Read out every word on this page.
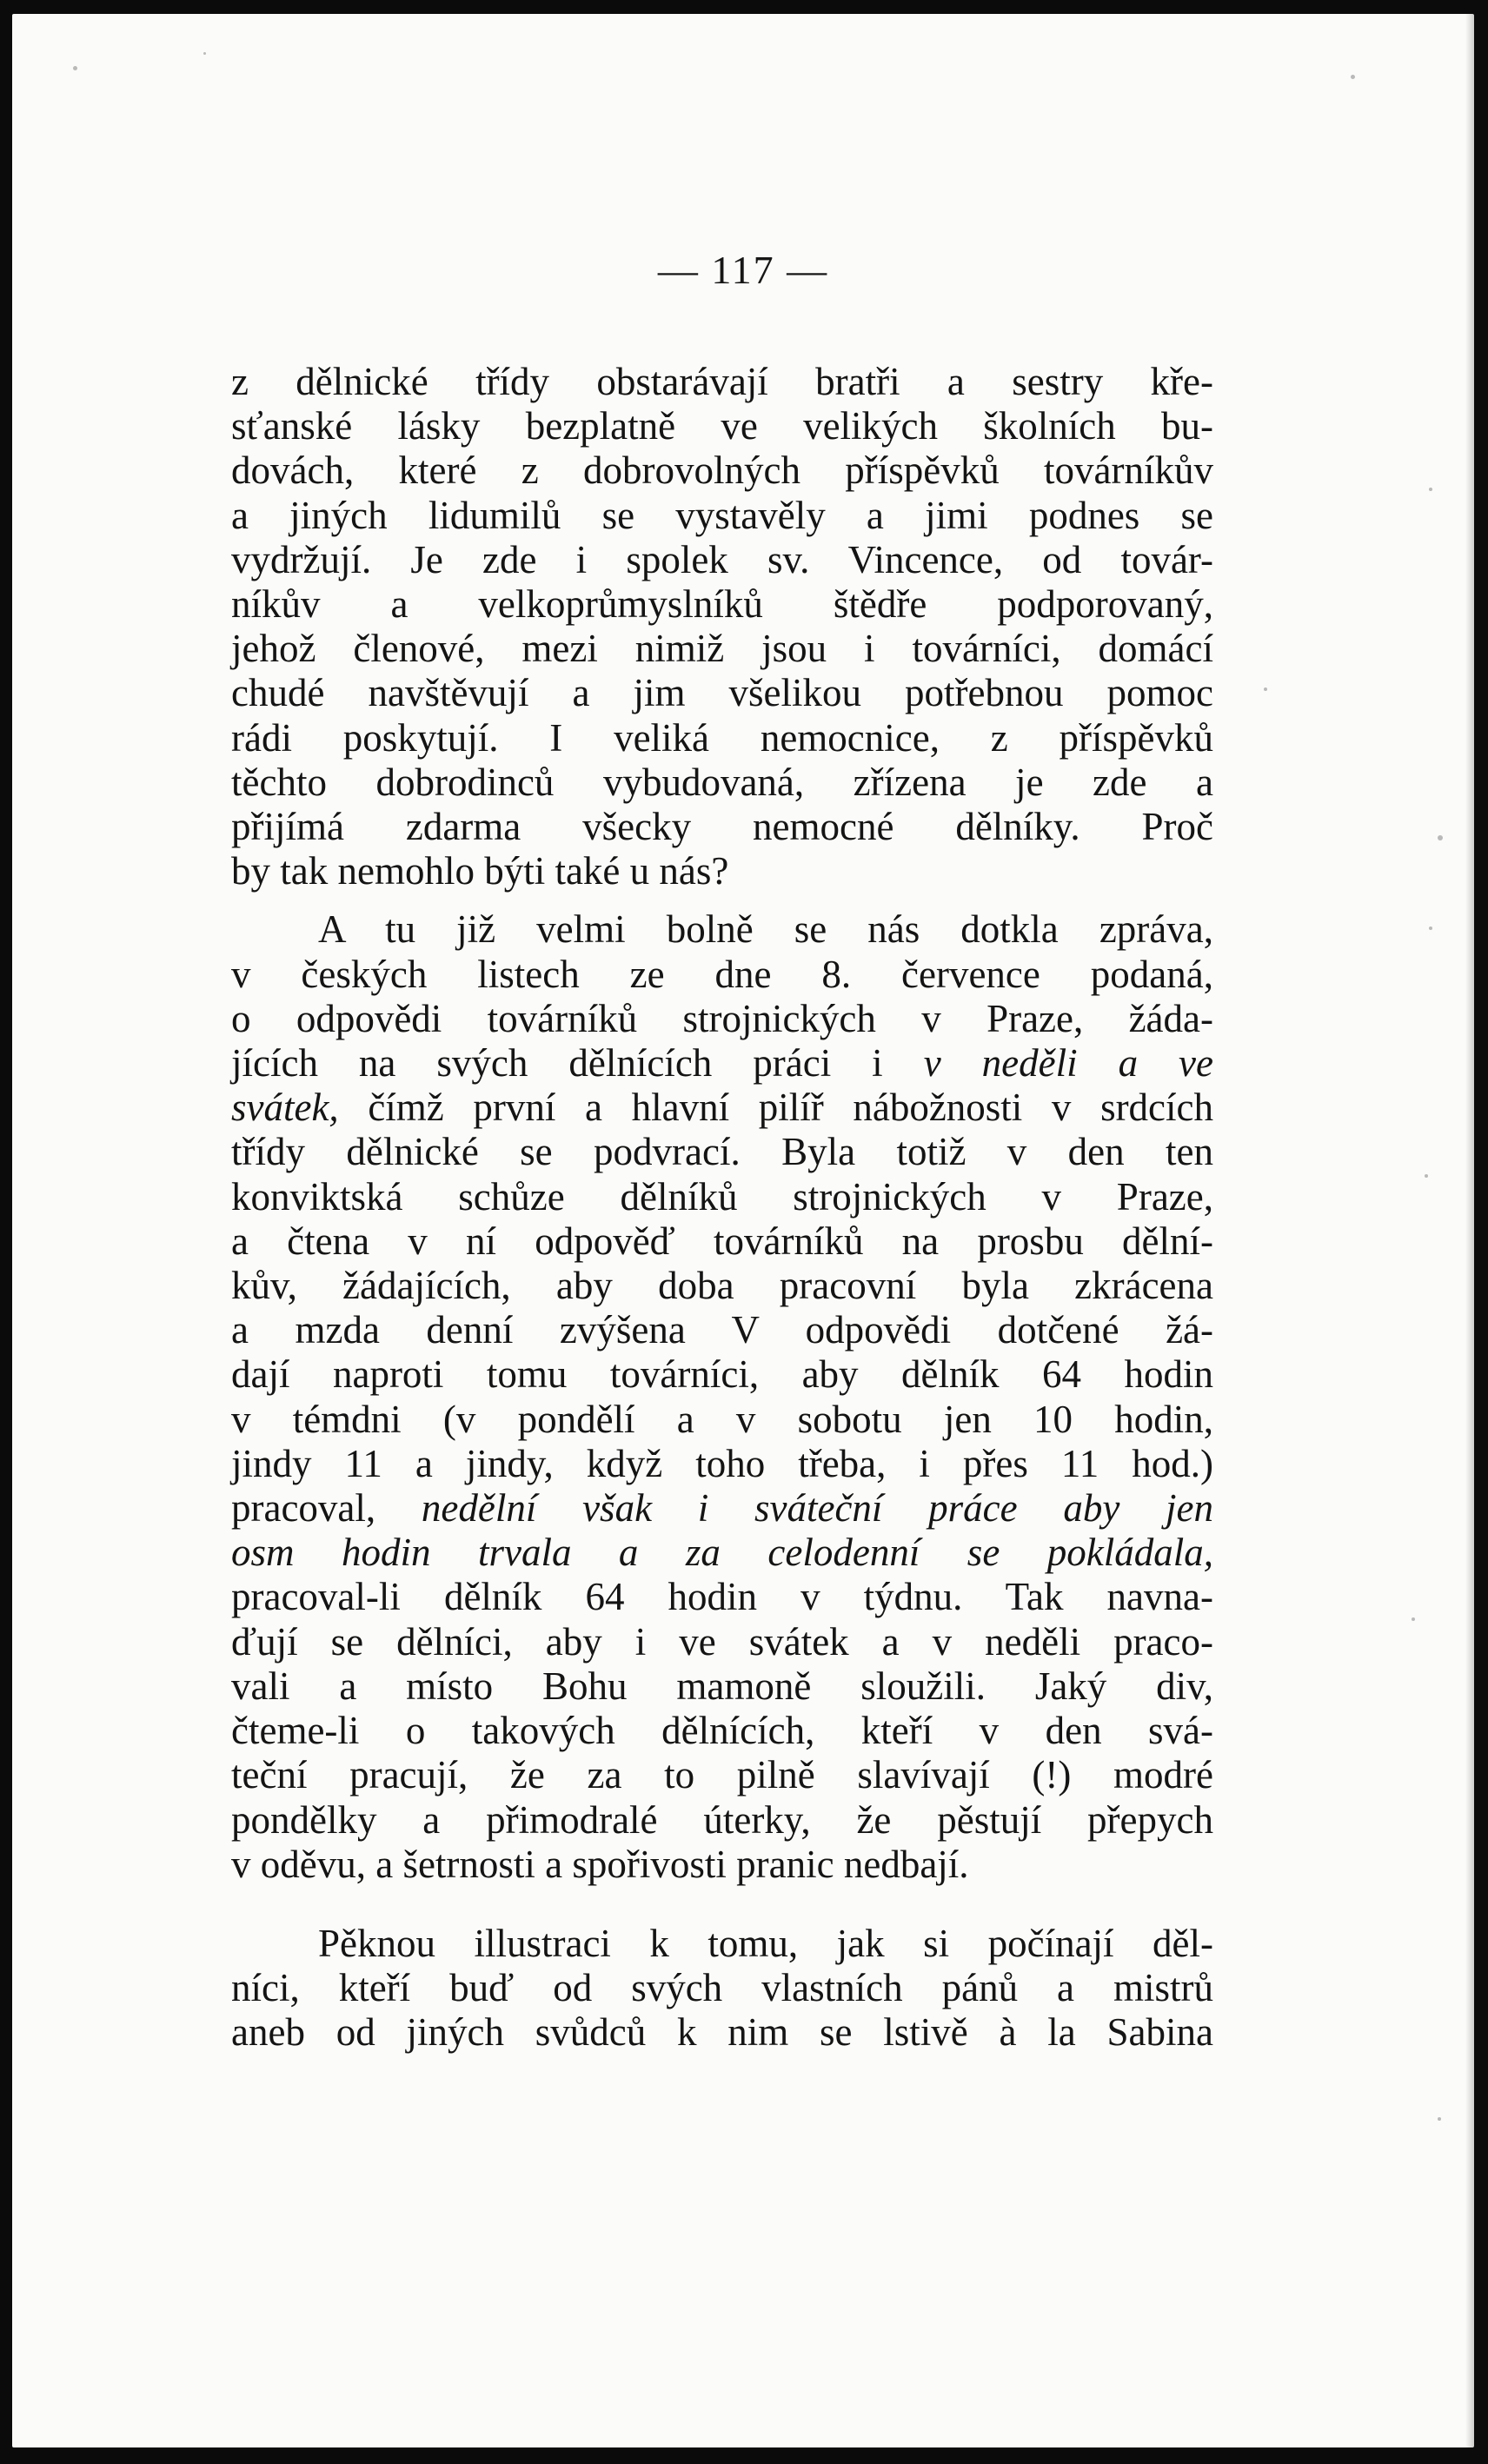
— 117 —
z dělnické třídy obstarávají bratři a sestry kře-
sťanské lásky bezplatně ve velikých školních bu-
dovách, které z dobrovolných příspěvků továrníkův
a jiných lidumilů se vystavěly a jimi podnes se
vydržují. Je zde i spolek sv. Vincence, od továr-
níkův a velkoprůmyslníků štědře podporovaný,
jehož členové, mezi nimiž jsou i továrníci, domácí
chudé navštěvují a jim všelikou potřebnou pomoc
rádi poskytují. I veliká nemocnice, z příspěvků
těchto dobrodinců vybudovaná, zřízena je zde a
přijímá zdarma všecky nemocné dělníky. Proč
by tak nemohlo býti také u nás?
A tu již velmi bolně se nás dotkla zpráva,
v českých listech ze dne 8. července podaná,
o odpovědi továrníků strojnických v Praze, žáda-
jících na svých dělnících práci i v neděli a ve
svátek, čímž první a hlavní pilíř nábožnosti v srdcích
třídy dělnické se podvrací. Byla totiž v den ten
konviktská schůze dělníků strojnických v Praze,
a čtena v ní odpověď továrníků na prosbu dělní-
kův, žádajících, aby doba pracovní byla zkrácena
a mzda denní zvýšena V odpovědi dotčené žá-
dají naproti tomu továrníci, aby dělník 64 hodin
v témdni (v pondělí a v sobotu jen 10 hodin,
jindy 11 a jindy, když toho třeba, i přes 11 hod.)
pracoval, nedělní však i sváteční práce aby jen
osm hodin trvala a za celodenní se pokládala,
pracoval-li dělník 64 hodin v týdnu. Tak navna-
ďují se dělníci, aby i ve svátek a v neděli praco-
vali a místo Bohu mamoně sloužili. Jaký div,
čteme-li o takových dělnících, kteří v den svá-
teční pracují, že za to pilně slavívají (!) modré
pondělky a přimodralé úterky, že pěstují přepych
v oděvu, a šetrnosti a spořivosti pranic nedbají.
Pěknou illustraci k tomu, jak si počínají děl-
níci, kteří buď od svých vlastních pánů a mistrů
aneb od jiných svůdců k nim se lstivě à la Sabina
